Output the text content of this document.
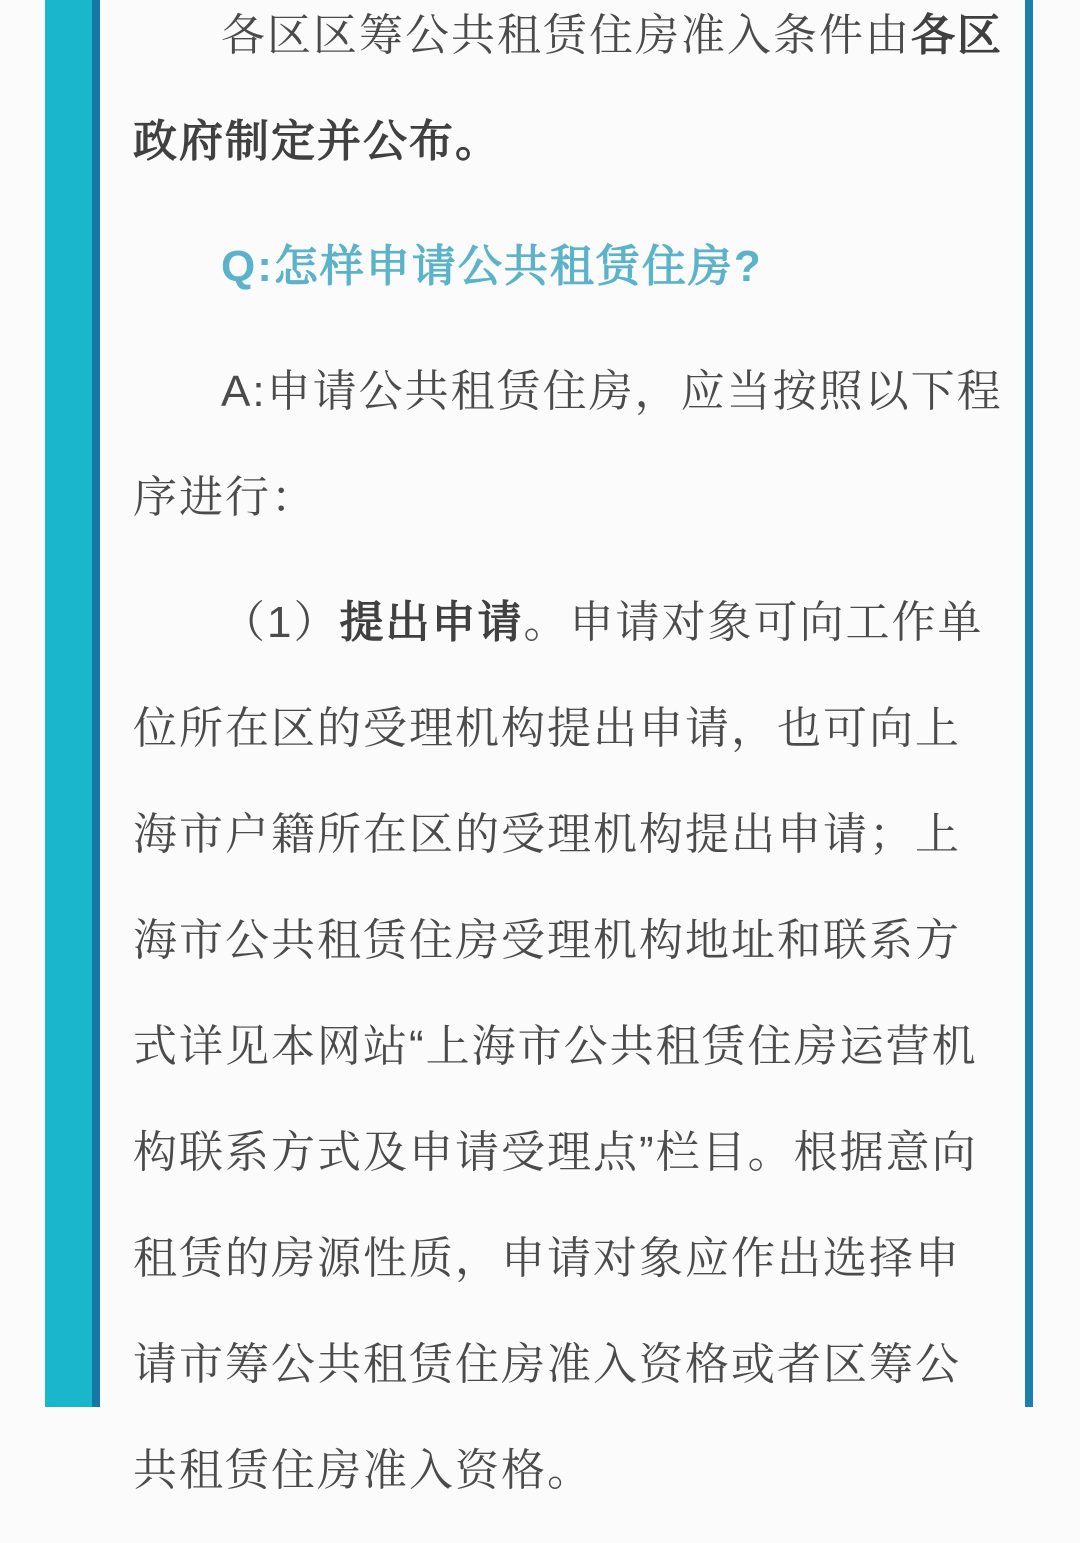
各区区筹公共租赁住房准入条件由各区政府制定并公布。

Q:怎样申请公共租赁住房?

A:申请公共租赁住房，应当按照以下程序进行：

（1）提出申请。申请对象可向工作单位所在区的受理机构提出申请，也可向上海市户籍所在区的受理机构提出申请；上海市公共租赁住房受理机构地址和联系方式详见本网站“上海市公共租赁住房运营机构联系方式及申请受理点”栏目。根据意向租赁的房源性质，申请对象应作出选择申请市筹公共租赁住房准入资格或者区筹公共租赁住房准入资格。
